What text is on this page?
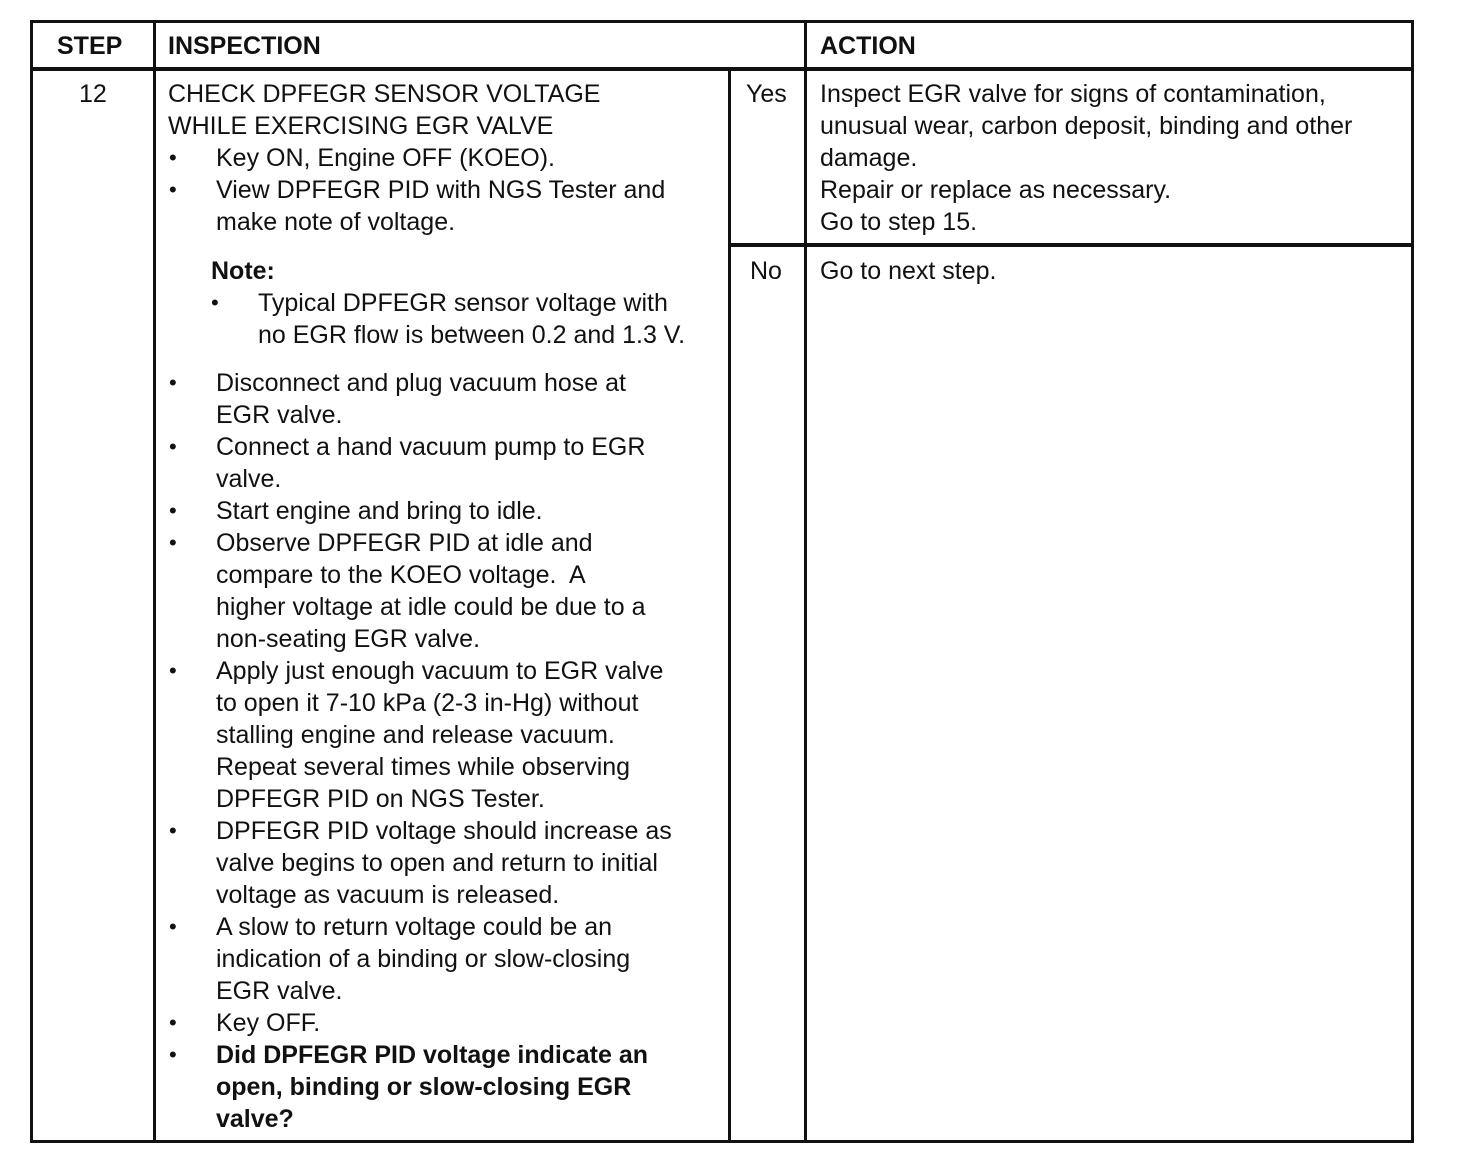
STEP INSPECTION	ACTION
12 CHECK DPFEGR SENSOR VOLTAGE
WHILE EXERCISING EGR VALVE
• Key ON, Engine OFF (KOEO).
• View DPFEGR PID with NGS Tester and
make note of voltage.
Note:
• Typical DPFEGR sensor voltage with
no EGR flow is between 0.2 and 1.3 V.
• Disconnect and plug vacuum hose at
EGR valve.
• Connect a hand vacuum pump to EGR
valve.
• Start engine and bring to idle.
• Observe DPFEGR PID at idle and
compare to the KOEO voltage.  A
higher voltage at idle could be due to a
non-seating EGR valve.
• Apply just enough vacuum to EGR valve
to open it 7-10 kPa (2-3 in-Hg) without
stalling engine and release vacuum.
Repeat several times while observing
DPFEGR PID on NGS Tester.
• DPFEGR PID voltage should increase as
valve begins to open and return to initial
voltage as vacuum is released.
• A slow to return voltage could be an
indication of a binding or slow-closing
EGR valve.
• Key OFF.
• Did DPFEGR PID voltage indicate an
open, binding or slow-closing EGR
valve?
Yes
No
Inspect EGR valve for signs of contamination,
unusual wear, carbon deposit, binding and other
damage.
Repair or replace as necessary.
Go to step 15.
Go to next step.
